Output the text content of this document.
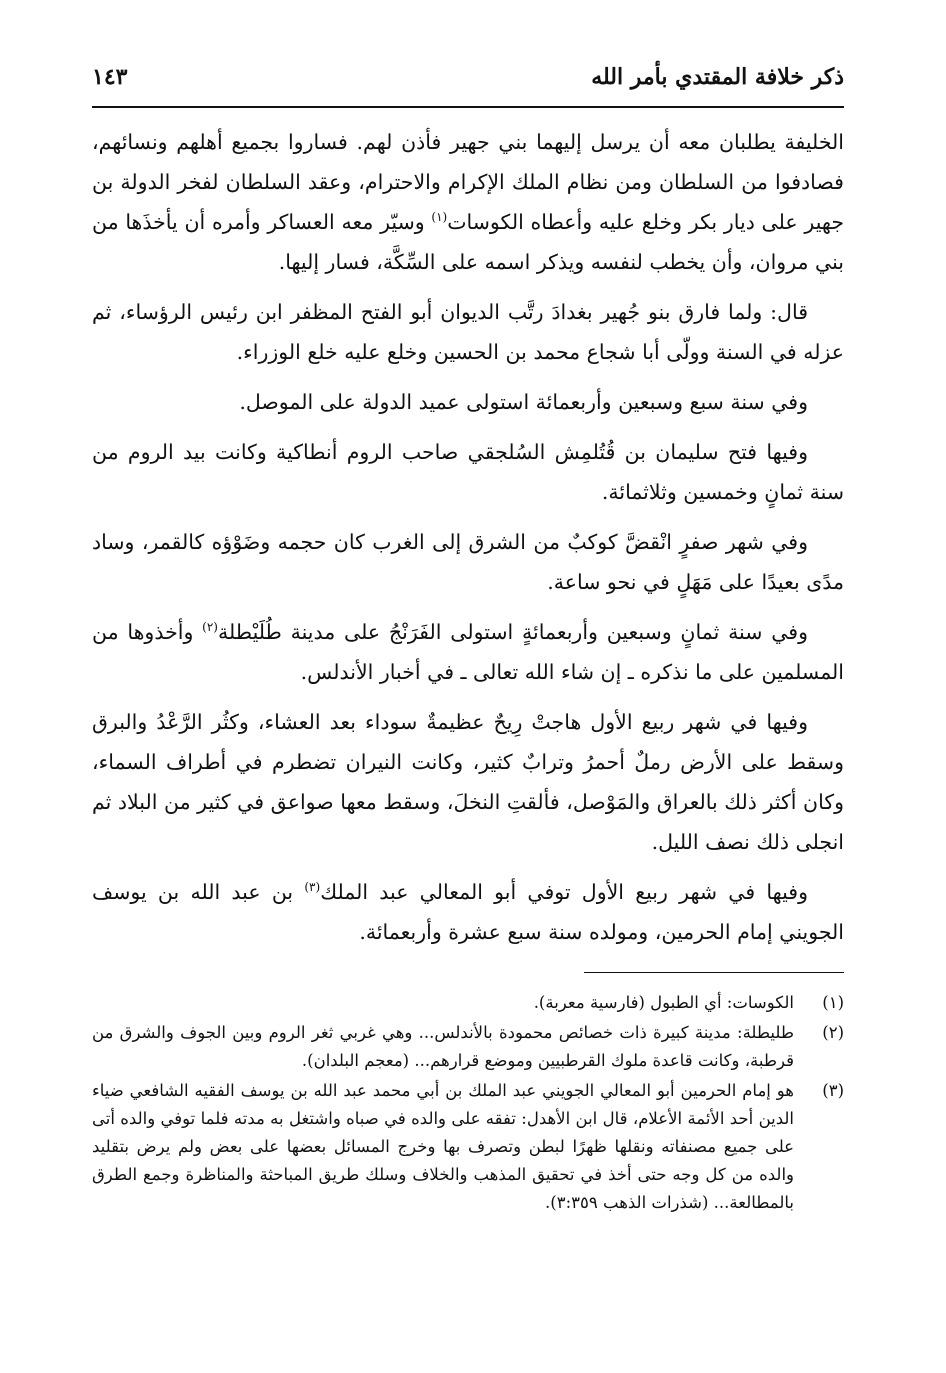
ذكر خلافة المقتدي بأمر الله
١٤٣

الخليفة يطلبان معه أن يرسل إليهما بني جهير فأذن لهم. فساروا بجميع أهلهم ونسائهم، فصادفوا من السلطان ومن نظام الملك الإكرام والاحترام، وعقد السلطان لفخر الدولة بن جهير على ديار بكر وخلع عليه وأعطاه الكوسات$^{(١)}$ وسيّر معه العساكر وأمره أن يأخذَها من بني مروان، وأن يخطب لنفسه ويذكر اسمه على السِّكَّة، فسار إليها.

قال: ولما فارق بنو جُهير بغدادَ رتَّب الديوان أبو الفتح المظفر ابن رئيس الرؤساء، ثم عزله في السنة وولّى أبا شجاع محمد بن الحسين وخلع عليه خلع الوزراء.

وفي سنة سبع وسبعين وأربعمائة استولى عميد الدولة على الموصل.

وفيها فتح سليمان بن قُتُلمِش السُلجقي صاحب الروم أنطاكية وكانت بيد الروم من سنة ثمانٍ وخمسين وثلاثمائة.

وفي شهر صفرٍ انْقضَّ كوكبٌ من الشرق إلى الغرب كان حجمه وضَوْؤه كالقمر، وساد مدًى بعيدًا على مَهَلٍ في نحو ساعة.

وفي سنة ثمانٍ وسبعين وأربعمائةٍ استولى الفَرَنْجُ على مدينة طُلَيْطلة$^{(٢)}$ وأخذوها من المسلمين على ما نذكره ـ إن شاء الله تعالى ـ في أخبار الأندلس.

وفيها في شهر ربيع الأول هاجتْ رِيحٌ عظيمةٌ سوداء بعد العشاء، وكثُر الرَّعْدُ والبرق وسقط على الأرض رملٌ أحمرُ وترابٌ كثير، وكانت النيران تضطرم في أطراف السماء، وكان أكثر ذلك بالعراق والمَوْصل، فألقتِ النخلَ، وسقط معها صواعق في كثير من البلاد ثم انجلى ذلك نصف الليل.

وفيها في شهر ربيع الأول توفي أبو المعالي عبد الملك$^{(٣)}$ بن عبد الله بن يوسف الجويني إمام الحرمين، ومولده سنة سبع عشرة وأربعمائة.

(١)
الكوسات: أي الطبول (فارسية معربة).
(٢)
طليطلة: مدينة كبيرة ذات خصائص محمودة بالأندلس... وهي غربي ثغر الروم وبين الجوف والشرق من قرطبة، وكانت قاعدة ملوك القرطبيين وموضع قرارهم... (معجم البلدان).
(٣)
هو إمام الحرمين أبو المعالي الجويني عبد الملك بن أبي محمد عبد الله بن يوسف الفقيه الشافعي ضياء الدين أحد الأئمة الأعلام، قال ابن الأهدل: تفقه على والده في صباه واشتغل به مدته فلما توفي والده أتى على جميع مصنفاته ونقلها ظهرًا لبطن وتصرف بها وخرج المسائل بعضها على بعض ولم يرض بتقليد والده من كل وجه حتى أخذ في تحقيق المذهب والخلاف وسلك طريق المباحثة والمناظرة وجمع الطرق بالمطالعة... (شذرات الذهب ٣:٣٥٩).
